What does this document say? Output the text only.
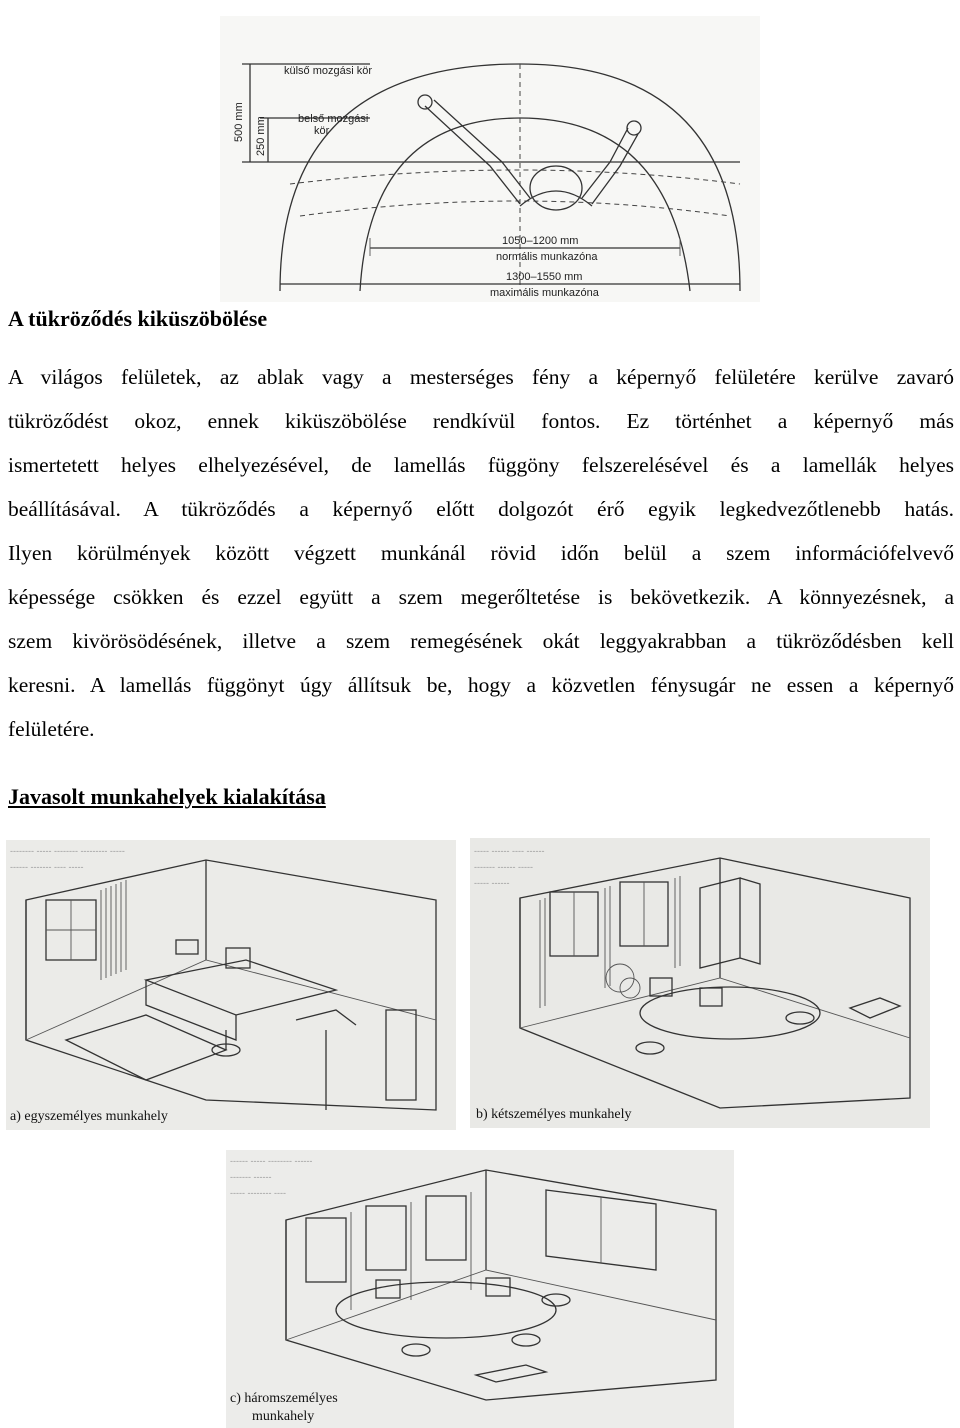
külső mozgási kör
belső mozgási
kör
500 mm 250 mm
1050–1200 mm
normális munkazóna
1300–1550 mm
maximális munkazóna
A tükröződés kiküszöbölése
A világos felületek, az ablak vagy a mesterséges fény a képernyő felületére kerülve zavaró
tükröződést okoz, ennek kiküszöbölése rendkívül fontos. Ez történhet a képernyő más
ismertetett helyes elhelyezésével, de lamellás függöny felszerelésével és a lamellák helyes
beállításával. A tükröződés a képernyő előtt dolgozót érő egyik legkedvezőtlenebb hatás.
Ilyen körülmények között végzett munkánál rövid időn belül a szem információfelvevő
képessége csökken és ezzel együtt a szem megerőltetése is bekövetkezik. A könnyezésnek, a
szem kivörösödésének, illetve a szem remegésének okát leggyakrabban a tükröződésben kell
keresni. A lamellás függönyt úgy állítsuk be, hogy a közvetlen fénysugár ne essen a képernyő
felületére.
Javasolt munkahelyek kialakítása
-------- ----- -------- --------- -----
------ ------- ---- -----
a) egyszemélyes munkahely
----- ------ ---- ------
------- ------ -----
----- ------
b) kétszemélyes munkahely
------ ----- -------- ------
------- ------
----- -------- ----
c) háromszemélyes
munkahely
